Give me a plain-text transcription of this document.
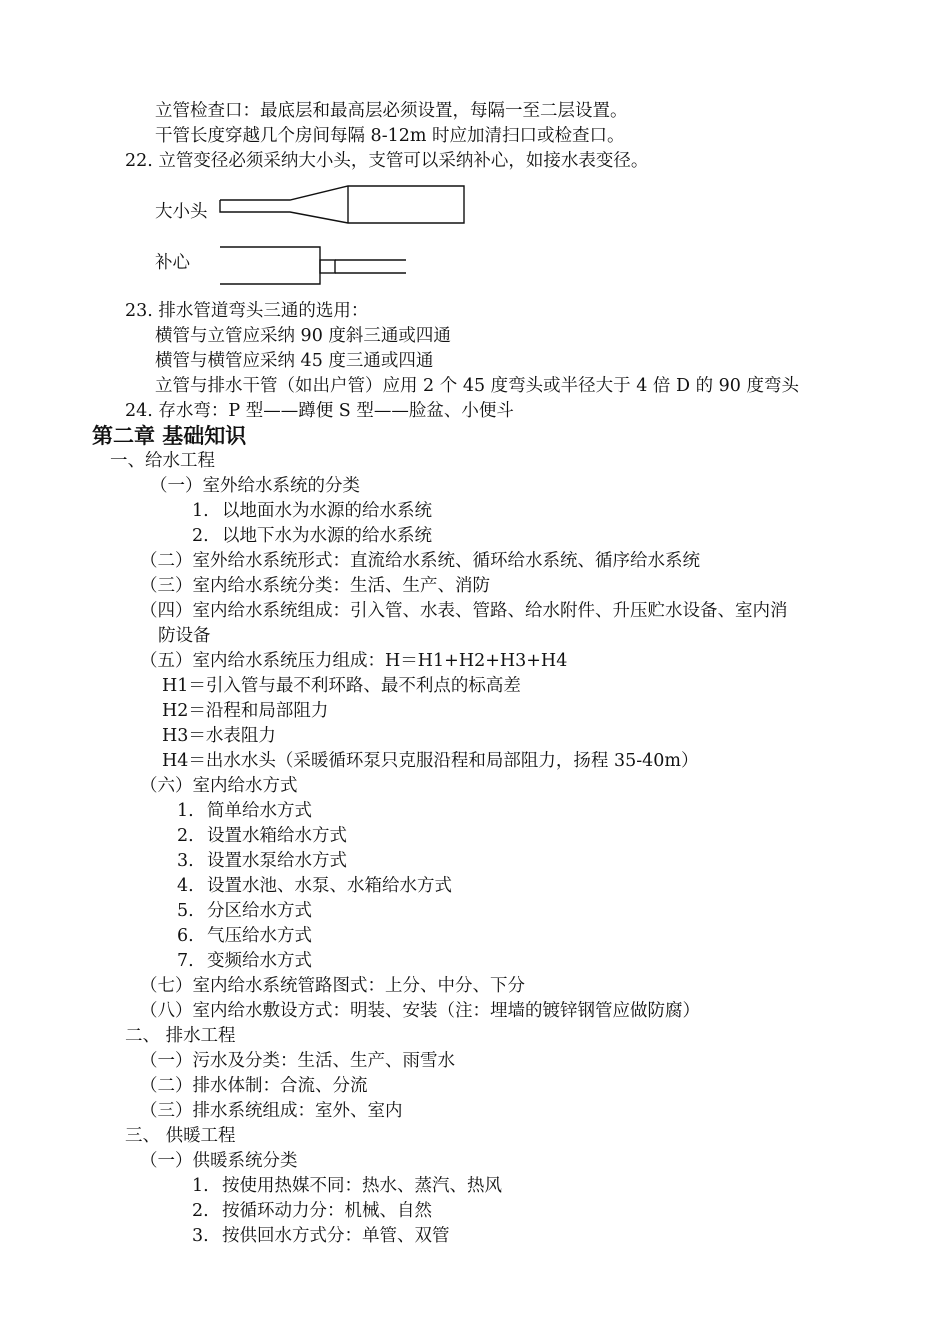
立管检查口：最底层和最高层必须设置，每隔一至二层设置。
干管长度穿越几个房间每隔 8-12m 时应加清扫口或检查口。
22. 立管变径必须采纳大小头，支管可以采纳补心，如接水表变径。
大小头
补心
23. 排水管道弯头三通的选用：
横管与立管应采纳 90 度斜三通或四通
横管与横管应采纳 45 度三通或四通
立管与排水干管（如出户管）应用 2 个 45 度弯头或半径大于 4 倍 D 的 90 度弯头
24. 存水弯：P 型——蹲便 S 型——脸盆、小便斗
第二章 基础知识
一、给水工程
（一）室外给水系统的分类
1. 以地面水为水源的给水系统
2. 以地下水为水源的给水系统
（二）室外给水系统形式：直流给水系统、循环给水系统、循序给水系统
（三）室内给水系统分类：生活、生产、消防
（四）室内给水系统组成：引入管、水表、管路、给水附件、升压贮水设备、室内消
防设备
（五）室内给水系统压力组成：H＝H1+H2+H3+H4
H1＝引入管与最不利环路、最不利点的标高差
H2＝沿程和局部阻力
H3＝水表阻力
H4＝出水水头（采暖循环泵只克服沿程和局部阻力，扬程 35-40m）
（六）室内给水方式
1. 简单给水方式
2. 设置水箱给水方式
3. 设置水泵给水方式
4. 设置水池、水泵、水箱给水方式
5. 分区给水方式
6. 气压给水方式
7. 变频给水方式
（七）室内给水系统管路图式：上分、中分、下分
（八）室内给水敷设方式：明装、安装（注：埋墙的镀锌钢管应做防腐）
二、 排水工程
（一）污水及分类：生活、生产、雨雪水
（二）排水体制：合流、分流
（三）排水系统组成：室外、室内
三、 供暖工程
（一）供暖系统分类
1. 按使用热媒不同：热水、蒸汽、热风
2. 按循环动力分：机械、自然
3. 按供回水方式分：单管、双管
